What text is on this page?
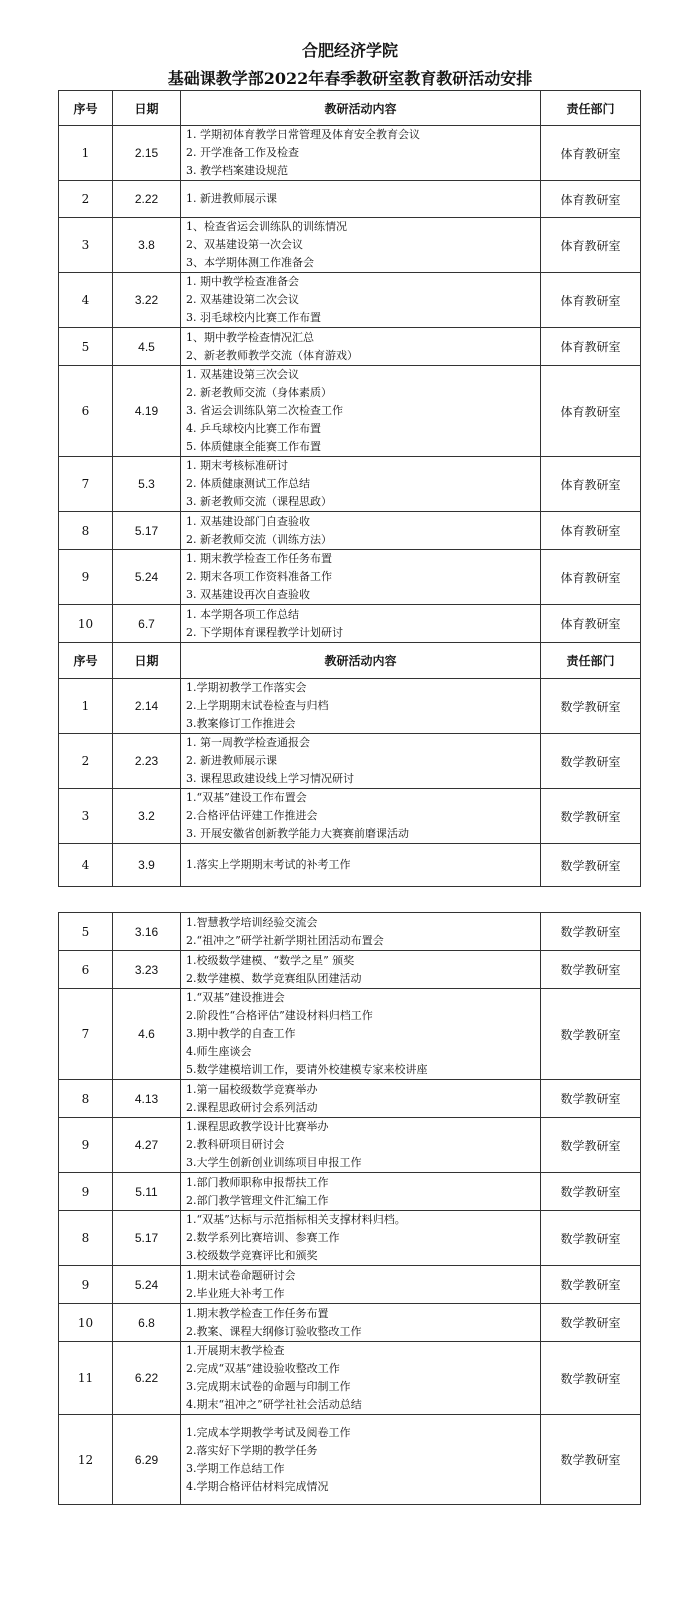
合肥经济学院
基础课教学部2022年春季教研室教育教研活动安排
序号	日期	教研活动内容	责任部门
1	2.15	1. 学期初体育教学日常管理及体育安全教育会议
2. 开学准备工作及检查
3. 教学档案建设规范	体育教研室
2	2.22	1. 新进教师展示课	体育教研室
3	3.8	1、检查省运会训练队的训练情况
2、双基建设第一次会议
3、本学期体测工作准备会	体育教研室
4	3.22	1. 期中教学检查准备会
2. 双基建设第二次会议
3. 羽毛球校内比赛工作布置	体育教研室
5	4.5	1、期中教学检查情况汇总
2、新老教师教学交流（体育游戏）	体育教研室
6	4.19	1. 双基建设第三次会议
2. 新老教师交流（身体素质）
3. 省运会训练队第二次检查工作
4. 乒乓球校内比赛工作布置
5. 体质健康全能赛工作布置	体育教研室
7	5.3	1. 期末考核标准研讨
2. 体质健康测试工作总结
3. 新老教师交流（课程思政）	体育教研室
8	5.17	1. 双基建设部门自查验收
2. 新老教师交流（训练方法）	体育教研室
9	5.24	1. 期末教学检查工作任务布置
2. 期末各项工作资料准备工作
3. 双基建设再次自查验收	体育教研室
10	6.7	1. 本学期各项工作总结
2. 下学期体育课程教学计划研讨	体育教研室
序号	日期	教研活动内容	责任部门
1	2.14	1.学期初教学工作落实会
2.上学期期末试卷检查与归档
3.教案修订工作推进会	数学教研室
2	2.23	1. 第一周教学检查通报会
2. 新进教师展示课
3. 课程思政建设线上学习情况研讨	数学教研室
3	3.2	1.“双基”建设工作布置会
2.合格评估评建工作推进会
3. 开展安徽省创新教学能力大赛赛前磨课活动	数学教研室
4	3.9	1.落实上学期期末考试的补考工作	数学教研室
5	3.16	1.智慧教学培训经验交流会
2.“祖冲之”研学社新学期社团活动布置会	数学教研室
6	3.23	1.校级数学建模、“数学之星” 颁奖
2.数学建模、数学竞赛组队团建活动	数学教研室
7	4.6	1.“双基”建设推进会
2.阶段性“合格评估”建设材料归档工作
3.期中教学的自查工作
4.师生座谈会
5.数学建模培训工作，要请外校建模专家来校讲座	数学教研室
8	4.13	1.第一届校级数学竞赛举办
2.课程思政研讨会系列活动	数学教研室
9	4.27	1.课程思政教学设计比赛举办
2.教科研项目研讨会
3.大学生创新创业训练项目申报工作	数学教研室
9	5.11	1.部门教师职称申报帮扶工作
2.部门教学管理文件汇编工作	数学教研室
8	5.17	1.“双基”达标与示范指标相关支撑材料归档。
2.数学系列比赛培训、参赛工作
3.校级数学竞赛评比和颁奖	数学教研室
9	5.24	1.期末试卷命题研讨会
2.毕业班大补考工作	数学教研室
10	6.8	1.期末教学检查工作任务布置
2.教案、课程大纲修订验收整改工作	数学教研室
11	6.22	1.开展期末教学检查
2.完成“双基”建设验收整改工作
3.完成期末试卷的命题与印制工作
4.期末“祖冲之”研学社社会活动总结	数学教研室
12	6.29	1.完成本学期教学考试及阅卷工作
2.落实好下学期的教学任务
3.学期工作总结工作
4.学期合格评估材料完成情况	数学教研室
